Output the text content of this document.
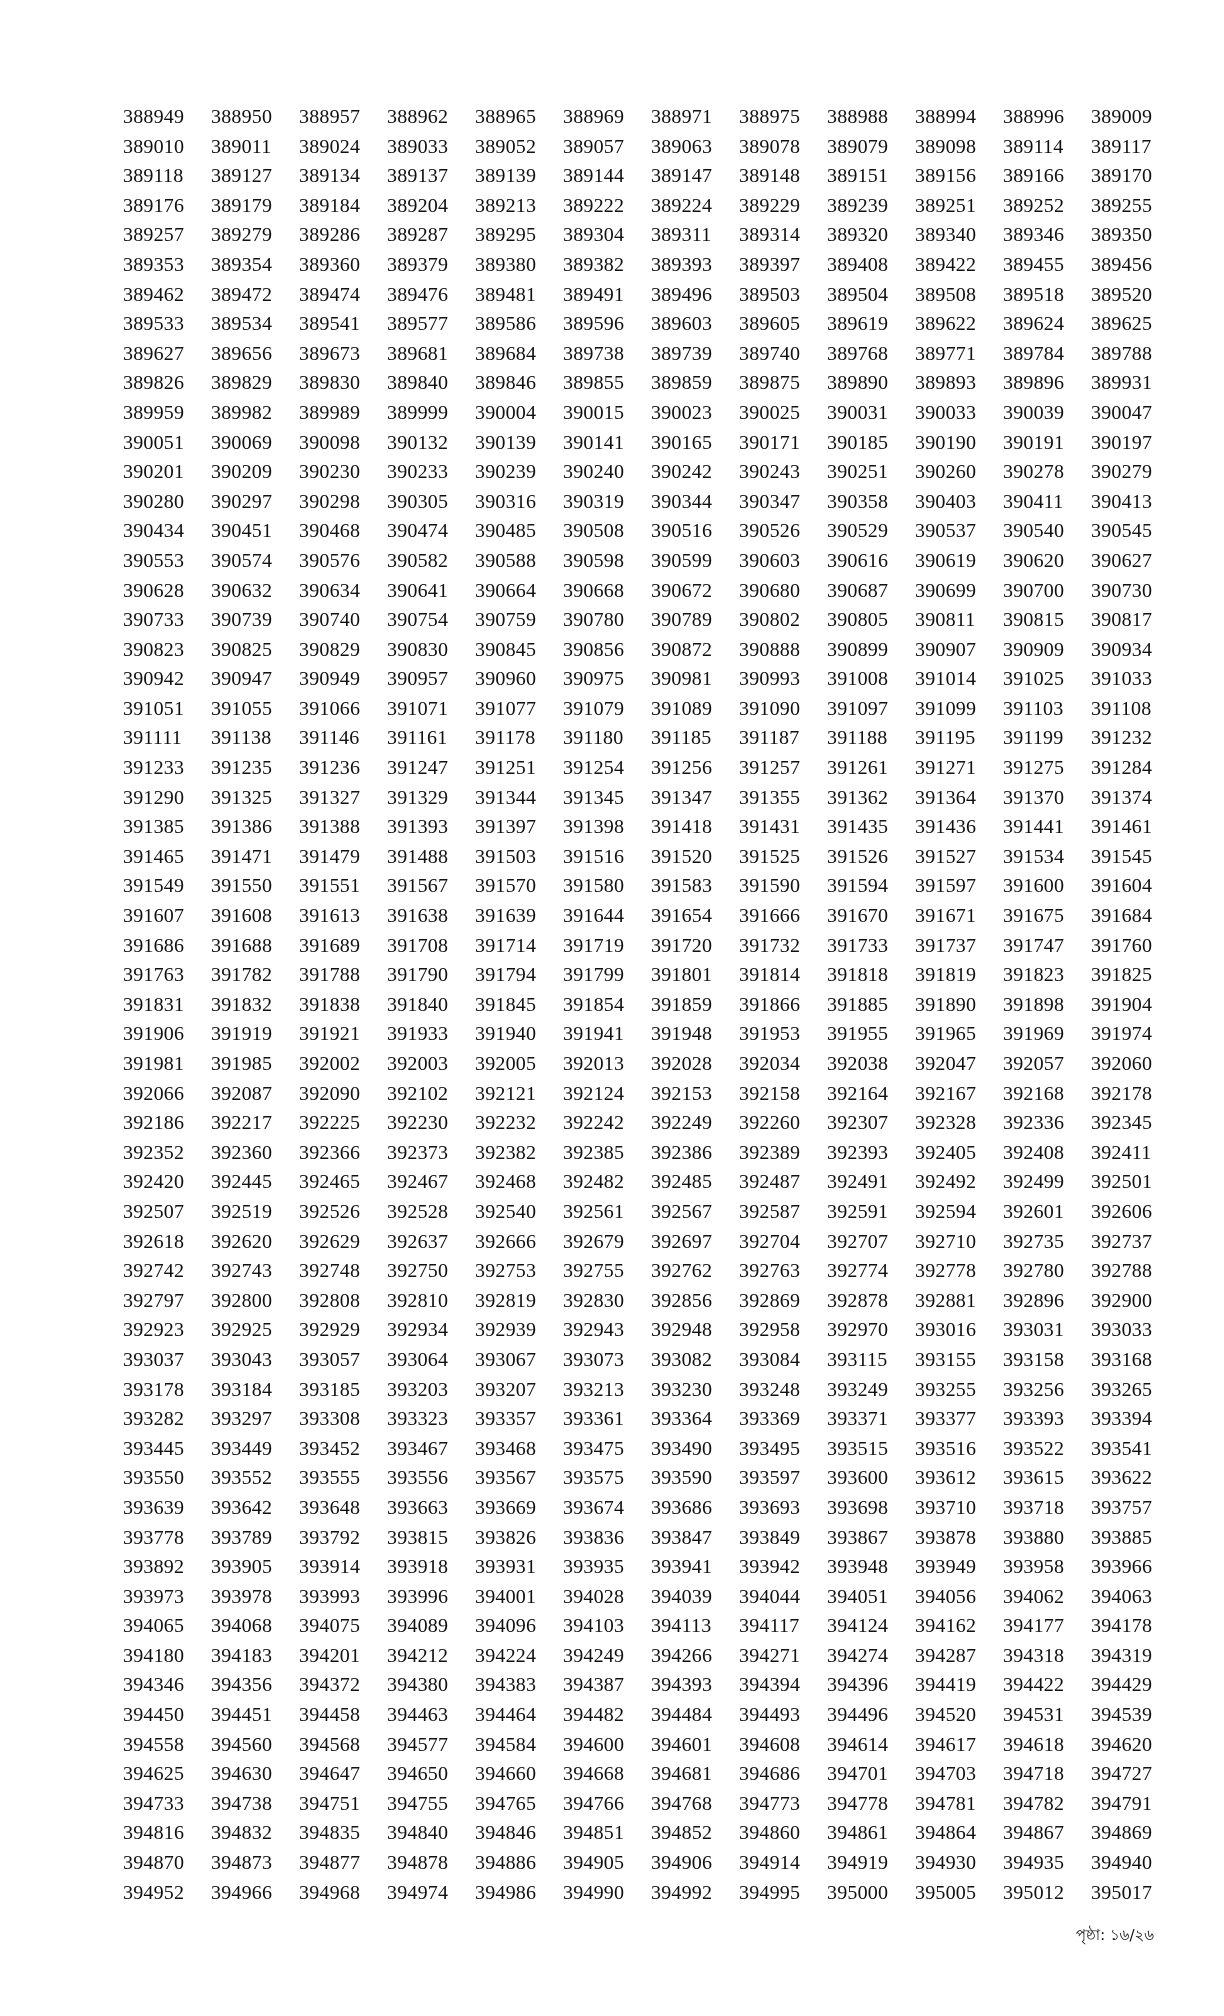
388949	388950	388957	388962	388965	388969	388971	388975	388988	388994	388996	389009
389010	389011	389024	389033	389052	389057	389063	389078	389079	389098	389114	389117
389118	389127	389134	389137	389139	389144	389147	389148	389151	389156	389166	389170
389176	389179	389184	389204	389213	389222	389224	389229	389239	389251	389252	389255
389257	389279	389286	389287	389295	389304	389311	389314	389320	389340	389346	389350
389353	389354	389360	389379	389380	389382	389393	389397	389408	389422	389455	389456
389462	389472	389474	389476	389481	389491	389496	389503	389504	389508	389518	389520
389533	389534	389541	389577	389586	389596	389603	389605	389619	389622	389624	389625
389627	389656	389673	389681	389684	389738	389739	389740	389768	389771	389784	389788
389826	389829	389830	389840	389846	389855	389859	389875	389890	389893	389896	389931
389959	389982	389989	389999	390004	390015	390023	390025	390031	390033	390039	390047
390051	390069	390098	390132	390139	390141	390165	390171	390185	390190	390191	390197
390201	390209	390230	390233	390239	390240	390242	390243	390251	390260	390278	390279
390280	390297	390298	390305	390316	390319	390344	390347	390358	390403	390411	390413
390434	390451	390468	390474	390485	390508	390516	390526	390529	390537	390540	390545
390553	390574	390576	390582	390588	390598	390599	390603	390616	390619	390620	390627
390628	390632	390634	390641	390664	390668	390672	390680	390687	390699	390700	390730
390733	390739	390740	390754	390759	390780	390789	390802	390805	390811	390815	390817
390823	390825	390829	390830	390845	390856	390872	390888	390899	390907	390909	390934
390942	390947	390949	390957	390960	390975	390981	390993	391008	391014	391025	391033
391051	391055	391066	391071	391077	391079	391089	391090	391097	391099	391103	391108
391111	391138	391146	391161	391178	391180	391185	391187	391188	391195	391199	391232
391233	391235	391236	391247	391251	391254	391256	391257	391261	391271	391275	391284
391290	391325	391327	391329	391344	391345	391347	391355	391362	391364	391370	391374
391385	391386	391388	391393	391397	391398	391418	391431	391435	391436	391441	391461
391465	391471	391479	391488	391503	391516	391520	391525	391526	391527	391534	391545
391549	391550	391551	391567	391570	391580	391583	391590	391594	391597	391600	391604
391607	391608	391613	391638	391639	391644	391654	391666	391670	391671	391675	391684
391686	391688	391689	391708	391714	391719	391720	391732	391733	391737	391747	391760
391763	391782	391788	391790	391794	391799	391801	391814	391818	391819	391823	391825
391831	391832	391838	391840	391845	391854	391859	391866	391885	391890	391898	391904
391906	391919	391921	391933	391940	391941	391948	391953	391955	391965	391969	391974
391981	391985	392002	392003	392005	392013	392028	392034	392038	392047	392057	392060
392066	392087	392090	392102	392121	392124	392153	392158	392164	392167	392168	392178
392186	392217	392225	392230	392232	392242	392249	392260	392307	392328	392336	392345
392352	392360	392366	392373	392382	392385	392386	392389	392393	392405	392408	392411
392420	392445	392465	392467	392468	392482	392485	392487	392491	392492	392499	392501
392507	392519	392526	392528	392540	392561	392567	392587	392591	392594	392601	392606
392618	392620	392629	392637	392666	392679	392697	392704	392707	392710	392735	392737
392742	392743	392748	392750	392753	392755	392762	392763	392774	392778	392780	392788
392797	392800	392808	392810	392819	392830	392856	392869	392878	392881	392896	392900
392923	392925	392929	392934	392939	392943	392948	392958	392970	393016	393031	393033
393037	393043	393057	393064	393067	393073	393082	393084	393115	393155	393158	393168
393178	393184	393185	393203	393207	393213	393230	393248	393249	393255	393256	393265
393282	393297	393308	393323	393357	393361	393364	393369	393371	393377	393393	393394
393445	393449	393452	393467	393468	393475	393490	393495	393515	393516	393522	393541
393550	393552	393555	393556	393567	393575	393590	393597	393600	393612	393615	393622
393639	393642	393648	393663	393669	393674	393686	393693	393698	393710	393718	393757
393778	393789	393792	393815	393826	393836	393847	393849	393867	393878	393880	393885
393892	393905	393914	393918	393931	393935	393941	393942	393948	393949	393958	393966
393973	393978	393993	393996	394001	394028	394039	394044	394051	394056	394062	394063
394065	394068	394075	394089	394096	394103	394113	394117	394124	394162	394177	394178
394180	394183	394201	394212	394224	394249	394266	394271	394274	394287	394318	394319
394346	394356	394372	394380	394383	394387	394393	394394	394396	394419	394422	394429
394450	394451	394458	394463	394464	394482	394484	394493	394496	394520	394531	394539
394558	394560	394568	394577	394584	394600	394601	394608	394614	394617	394618	394620
394625	394630	394647	394650	394660	394668	394681	394686	394701	394703	394718	394727
394733	394738	394751	394755	394765	394766	394768	394773	394778	394781	394782	394791
394816	394832	394835	394840	394846	394851	394852	394860	394861	394864	394867	394869
394870	394873	394877	394878	394886	394905	394906	394914	394919	394930	394935	394940
394952	394966	394968	394974	394986	394990	394992	394995	395000	395005	395012	395017
পৃষ্ঠা: ১৬/২৬
